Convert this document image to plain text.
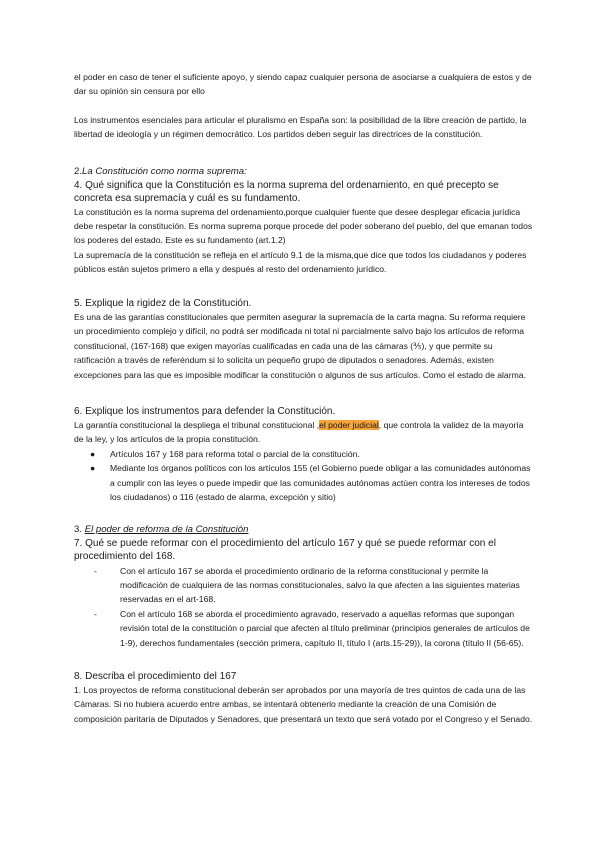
el poder en caso de tener el suficiente apoyo, y siendo capaz cualquier persona de asociarse a cualquiera de estos y de dar su opinión sin censura por ello

Los instrumentos esenciales para articular el pluralismo en España son: la posibilidad de la libre creación de partido, la libertad de ideología y un régimen democrático. Los partidos deben seguir las directrices de la constitución.

2.La Constitución como norma suprema:

4. Qué significa que la Constitución es la norma suprema del ordenamiento, en qué precepto se concreta esa supremacía y cuál es su fundamento.

La constitución es la norma suprema del ordenamiento,porque cualquier fuente que desee desplegar eficacia jurídica debe respetar la constitución. Es norma suprema porque procede del poder soberano del pueblo, del que emanan todos los poderes del estado. Este es su fundamento (art.1.2)

La supremacía de la constitución se refleja en el artículo 9.1 de la misma,que dice que todos los ciudadanos y poderes públicos están sujetos primero a ella y después al resto del ordenamiento jurídico.

5. Explique la rigidez de la Constitución.

Es una de las garantías constitucionales que permiten asegurar la supremacía de la carta magna. Su reforma requiere un procedimiento complejo y difícil, no podrá ser modificada ni total ni parcialmente salvo bajo los artículos de reforma constitucional, (167-168) que exigen mayorías cualificadas en cada una de las cámaras (⅗), y que permite su ratificación a través de referéndum si lo solicita un pequeño grupo de diputados o senadores. Además, existen excepciones para las que es imposible modificar la constitución o algunos de sus artículos. Como el estado de alarma.

6. Explique los instrumentos para defender la Constitución.

La garantía constitucional la despliega el tribunal constitucional ,el poder judicial, que controla la validez de la mayoría de la ley, y los artículos de la propia constitución.

● Artículos 167 y 168 para reforma total o parcial de la constitución.
● Mediante los órganos políticos con los artículos 155 (el Gobierno puede obligar a las comunidades autónomas a cumplir con las leyes o puede impedir que las comunidades autónomas actúen contra los intereses de todos los ciudadanos) o 116 (estado de alarma, excepción y sitio)

3. El poder de reforma de la Constitución

7. Qué se puede reformar con el procedimiento del artículo 167 y qué se puede reformar con el procedimiento del 168.

-	Con el artículo 167 se aborda el procedimiento ordinario de la reforma constitucional y permite la modificación de cualquiera de las normas constitucionales, salvo la que afecten a las siguientes materias reservadas en el art-168.
-	Con el artículo 168 se aborda el procedimiento agravado, reservado a aquellas reformas que supongan revisión total de la constitución o parcial que afecten al título preliminar (principios generales de artículos de 1-9), derechos fundamentales (sección primera, capítulo II, título I (arts.15-29)), la corona (título II (56-65).

8. Describa el procedimiento del 167

1. Los proyectos de reforma constitucional deberán ser aprobados por una mayoría de tres quintos de cada una de las Cámaras. Si no hubiera acuerdo entre ambas, se intentará obtenerlo mediante la creación de una Comisión de composición paritaria de Diputados y Senadores, que presentará un texto que será votado por el Congreso y el Senado.
